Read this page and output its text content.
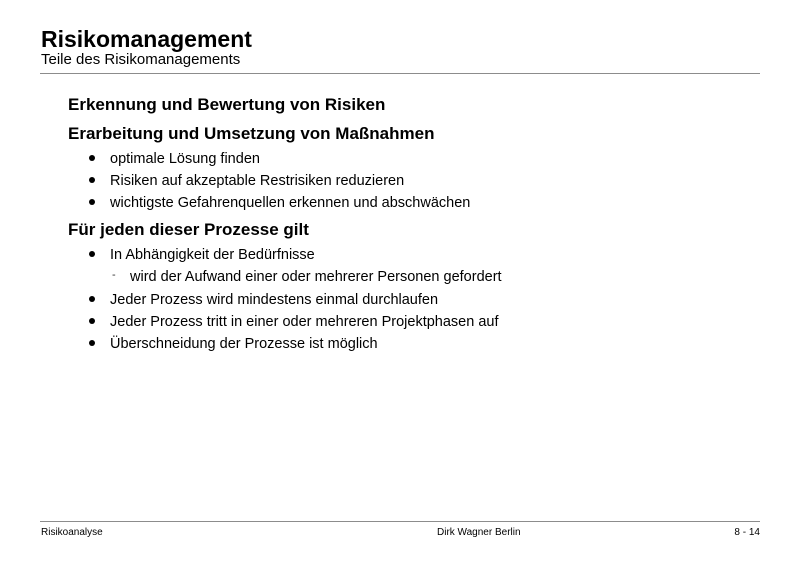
Risikomanagement
Teile des Risikomanagements
Erkennung und Bewertung von Risiken
Erarbeitung und Umsetzung von Maßnahmen
optimale Lösung finden
Risiken auf akzeptable Restrisiken reduzieren
wichtigste Gefahrenquellen erkennen und abschwächen
Für jeden dieser Prozesse gilt
In Abhängigkeit der Bedürfnisse
- wird der Aufwand einer oder mehrerer Personen gefordert
Jeder Prozess wird mindestens einmal durchlaufen
Jeder Prozess tritt in einer oder mehreren Projektphasen auf
Überschneidung der Prozesse ist möglich
Risikoanalyse	Dirk Wagner Berlin	8 - 14
